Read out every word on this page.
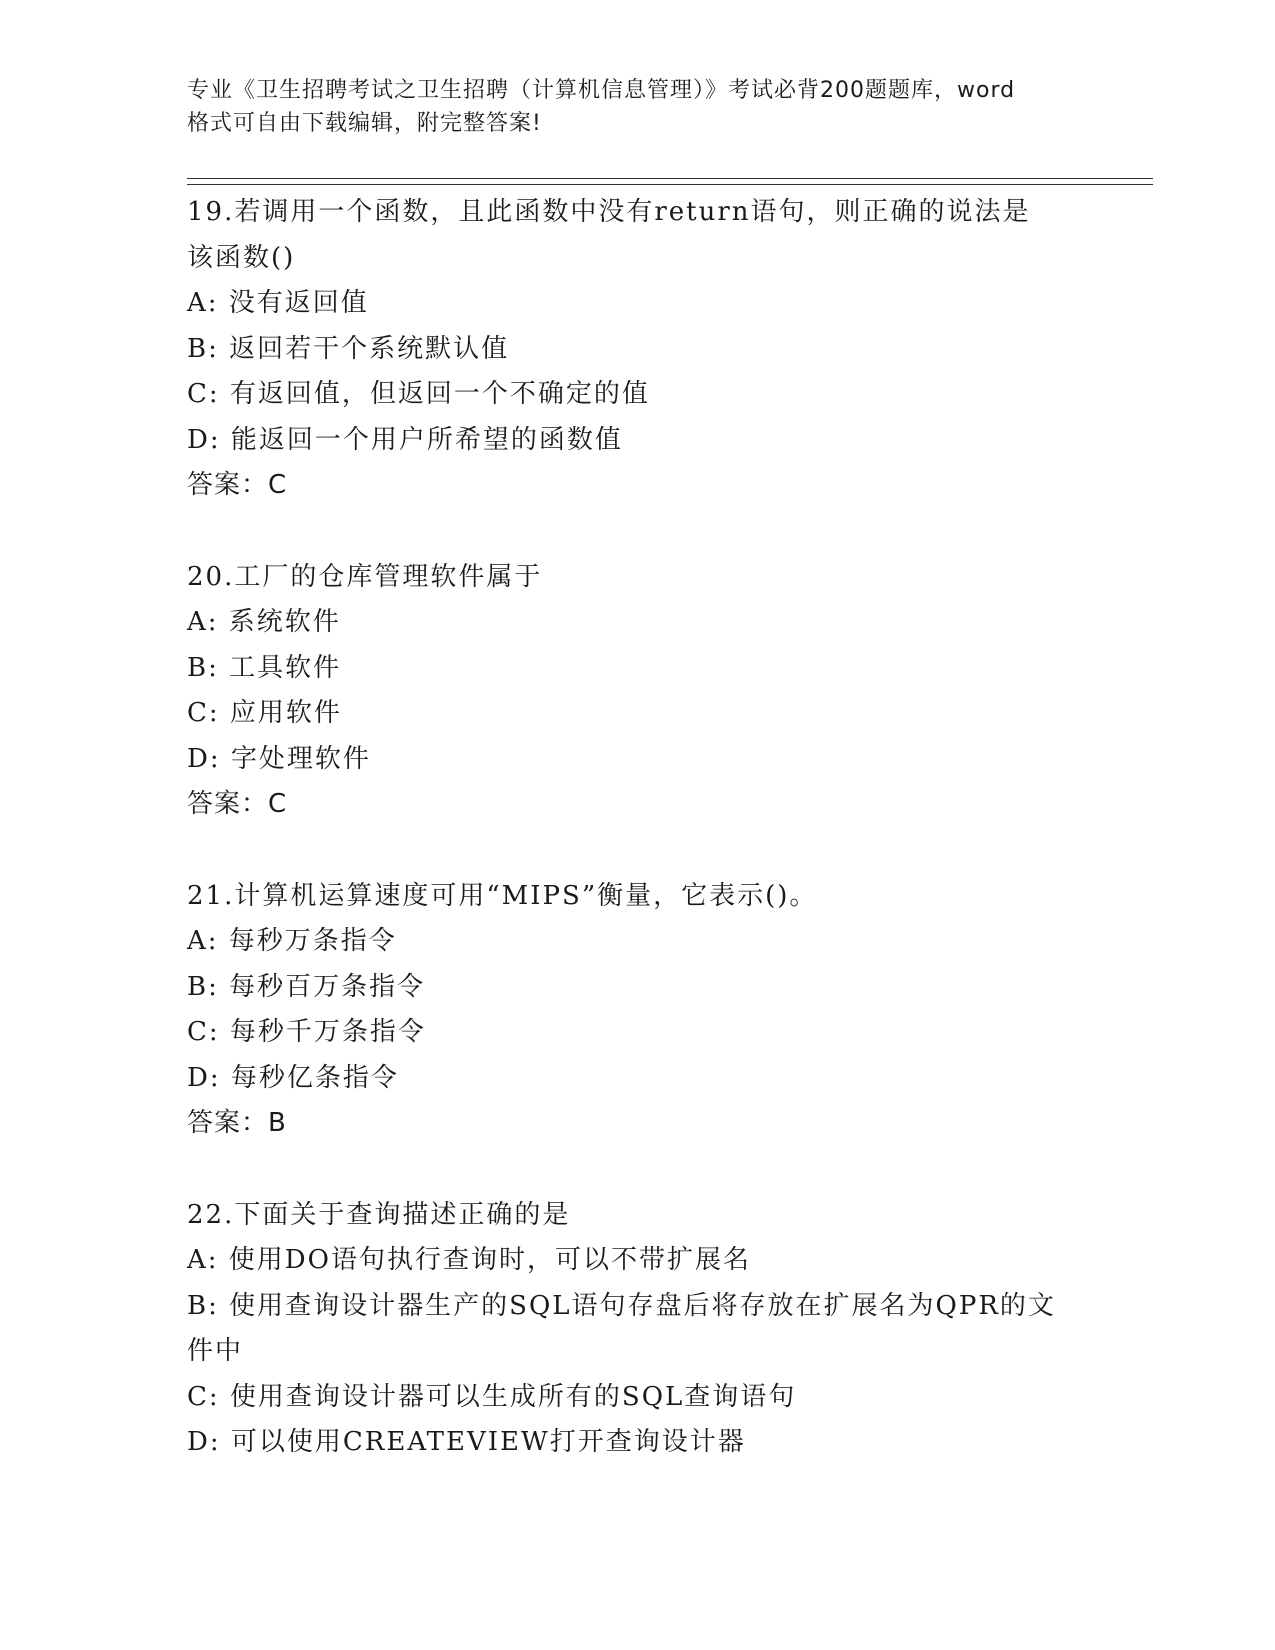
专业《卫生招聘考试之卫生招聘（计算机信息管理）》考试必背200题题库，word
格式可自由下载编辑，附完整答案!
19.若调用一个函数，且此函数中没有return语句，则正确的说法是
该函数()
A: 没有返回值
B: 返回若干个系统默认值
C: 有返回值，但返回一个不确定的值
D: 能返回一个用户所希望的函数值
答案：C
20.工厂的仓库管理软件属于
A: 系统软件
B: 工具软件
C: 应用软件
D: 字处理软件
答案：C
21.计算机运算速度可用“MIPS”衡量，它表示()。
A: 每秒万条指令
B: 每秒百万条指令
C: 每秒千万条指令
D: 每秒亿条指令
答案：B
22.下面关于查询描述正确的是
A: 使用DO语句执行查询时，可以不带扩展名
B: 使用查询设计器生产的SQL语句存盘后将存放在扩展名为QPR的文
件中
C: 使用查询设计器可以生成所有的SQL查询语句
D: 可以使用CREATEVIEW打开查询设计器
